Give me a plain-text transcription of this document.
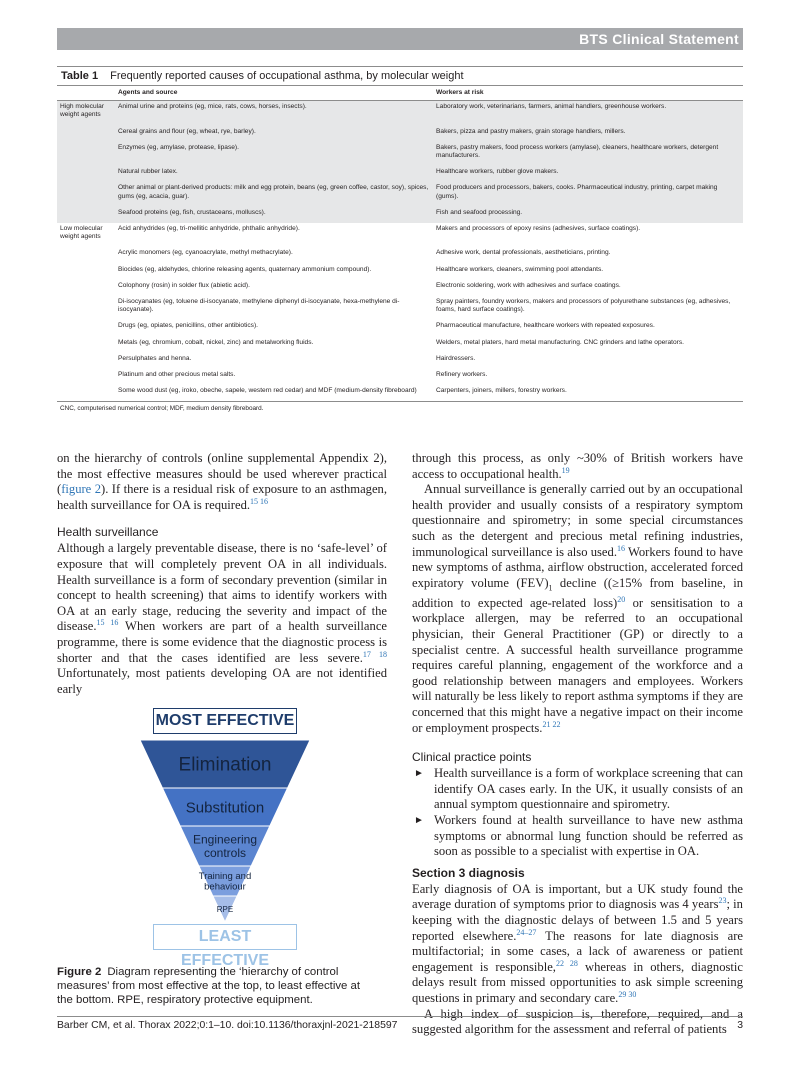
BTS Clinical Statement
Table 1 Frequently reported causes of occupational asthma, by molecular weight
	Agents and source	Workers at risk
High molecular weight agents	Animal urine and proteins (eg, mice, rats, cows, horses, insects).	Laboratory work, veterinarians, farmers, animal handlers, greenhouse workers.
	Cereal grains and flour (eg, wheat, rye, barley).	Bakers, pizza and pastry makers, grain storage handlers, millers.
	Enzymes (eg, amylase, protease, lipase).	Bakers, pastry makers, food process workers (amylase), cleaners, healthcare workers, detergent manufacturers.
	Natural rubber latex.	Healthcare workers, rubber glove makers.
	Other animal or plant-derived products: milk and egg protein, beans (eg, green coffee, castor, soy), spices, gums (eg, acacia, guar).	Food producers and processors, bakers, cooks. Pharmaceutical industry, printing, carpet making (gums).
	Seafood proteins (eg, fish, crustaceans, molluscs).	Fish and seafood processing.
Low molecular weight agents	Acid anhydrides (eg, tri-mellitic anhydride, phthalic anhydride).	Makers and processors of epoxy resins (adhesives, surface coatings).
	Acrylic monomers (eg, cyanoacrylate, methyl methacrylate).	Adhesive work, dental professionals, aestheticians, printing.
	Biocides (eg, aldehydes, chlorine releasing agents, quaternary ammonium compound).	Healthcare workers, cleaners, swimming pool attendants.
	Colophony (rosin) in solder flux (abietic acid).	Electronic soldering, work with adhesives and surface coatings.
	Di-isocyanates (eg, toluene di-isocyanate, methylene diphenyl di-isocyanate, hexa-methylene di-isocyanate).	Spray painters, foundry workers, makers and processors of polyurethane substances (eg, adhesives, foams, hard surface coatings).
	Drugs (eg, opiates, penicillins, other antibiotics).	Pharmaceutical manufacture, healthcare workers with repeated exposures.
	Metals (eg, chromium, cobalt, nickel, zinc) and metalworking fluids.	Welders, metal platers, hard metal manufacturing. CNC grinders and lathe operators.
	Persulphates and henna.	Hairdressers.
	Platinum and other precious metal salts.	Refinery workers.
	Some wood dust (eg, iroko, obeche, sapele, western red cedar) and MDF (medium-density fibreboard)	Carpenters, joiners, millers, forestry workers.
CNC, computerised numerical control; MDF, medium density fibreboard.

on the hierarchy of controls (online supplemental Appendix 2), the most effective measures should be used wherever practical (figure 2). If there is a residual risk of exposure to an asthmagen, health surveillance for OA is required.$^{15 16}$

Health surveillance

Although a largely preventable disease, there is no ‘safe-level’ of exposure that will completely prevent OA in all individuals. Health surveillance is a form of secondary prevention (similar in concept to health screening) that aims to identify workers with OA at an early stage, reducing the severity and impact of the disease.$^{15 16}$ When workers are part of a health surveillance programme, there is some evidence that the diagnostic process is shorter and that the cases identified are less severe.$^{17 18}$ Unfortunately, most patients developing OA are not identified early

MOST EFFECTIVE
Elimination
Substitution
Engineering controls
Training and behaviour
RPE
LEAST EFFECTIVE
Figure 2 Diagram representing the ‘hierarchy of control measures’ from most effective at the top, to least effective at the bottom. RPE, respiratory protective equipment.

through this process, as only ~30% of British workers have access to occupational health.$^{19}$

Annual surveillance is generally carried out by an occupational health provider and usually consists of a respiratory symptom questionnaire and spirometry; in some special circumstances such as the detergent and precious metal refining industries, immunological surveillance is also used.$^{16}$ Workers found to have new symptoms of asthma, airflow obstruction, accelerated forced expiratory volume $(FEV)_1$ decline ((≥15% from baseline, in addition to expected age-related loss)$^{20}$ or sensitisation to a workplace allergen, may be referred to an occupational physician, their General Practitioner (GP) or directly to a specialist centre. A successful health surveillance programme requires careful planning, engagement of the workforce and a good relationship between managers and employees. Workers will naturally be less likely to report asthma symptoms if they are concerned that this might have a negative impact on their income or employment prospects.$^{21 22}$

Clinical practice points
► Health surveillance is a form of workplace screening that can identify OA cases early. In the UK, it usually consists of an annual symptom questionnaire and spirometry.
► Workers found at health surveillance to have new asthma symptoms or abnormal lung function should be referred as soon as possible to a specialist with expertise in OA.
Section 3 diagnosis

Early diagnosis of OA is important, but a UK study found the average duration of symptoms prior to diagnosis was 4 years$^{23}$; in keeping with the diagnostic delays of between 1.5 and 5 years reported elsewhere.$^{24-27}$ The reasons for late diagnosis are multifactorial; in some cases, a lack of awareness or patient engagement is responsible,$^{22 28}$ whereas in others, diagnostic delays result from missed opportunities to ask simple screening questions in primary and secondary care.$^{29 30}$

A high index of suspicion is, therefore, required, and a suggested algorithm for the assessment and referral of patients

Barber CM, et al. Thorax 2022;0:1–10. doi:10.1136/thoraxjnl-2021-218597	3
